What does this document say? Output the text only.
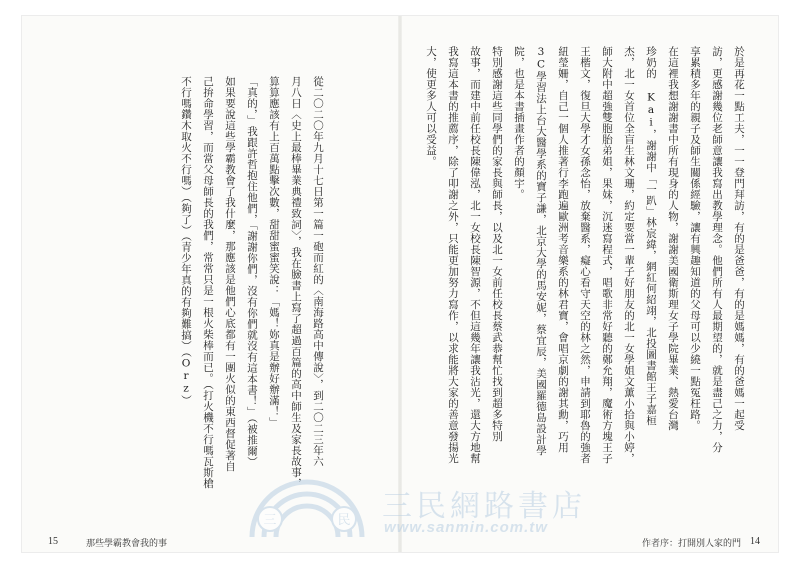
從二〇二〇年九月十七日第一篇一砲而紅的〈南海路高中傳說〉，到二〇二三年六
月八日〈史上最棒畢業典禮致詞〉，我在臉書上寫了超過百篇的高中師生及家長故事，
算算應該有上百萬點擊次數，甜甜蜜蜜笑說：「媽！妳真是辦好辦滿！」
「真的，」我跟許哲抱住他們，「謝謝你們，沒有你們就沒有這本書！」（被推爾）
如果要說這些學霸教會了我什麼，那應該是他們心底都有一團火似的東西督促著自
己拚命學習，而當父母師長的我們，常常只是一根火柴棒而已。（打火機不行嗎瓦斯槍
不行嗎鑽木取火不行嗎）（夠了）（青少年真的有夠難搞）（Orz）
15	那些學霸教會我的事
於是再花一點工夫，一一登門拜訪，有的是爸爸，有的是媽媽，有的爸媽一起受
訪，更感謝幾位老師意讓我寫出教學理念。他們所有人最期望的，就是盡己之力，分
享累積多年的親子及師生關係經驗，讓有興趣知道的父母可以少繞一點冤枉路。
在這裡我想謝謝書中所有現身的人物，謝謝美國衛斯理女子學院畢業、熱愛台灣
珍奶的 Kai，謝謝中「一趴」林宸緯，網紅何紹翊，北投圖書館王子嘉桓
杰，北一女首位全盲生林文珊，約定要當一輩子好朋友的北一女學姐文薰小拾與小婷，
師大附中超強雙胞胎弟姐，果妹，沉迷寫程式，唱歌非常好聽的鄭允翔，魔術方塊王子
王楷文，復旦大學才女孫念怡，放棄醫系，癡心看守天空的林之然，申請到耶魯的強者
紐瑩姍，自己一個人推著行李跑遍歐洲考音樂系的林君寶，會唱京劇的謝其勳，巧用
3C學習法上台大醫學系的寶子謙，北京大學的馬安妮，蔡宜辰，美國羅德島設計學
院，也是本書插畫作者的顏宇。
特別感謝這些同學們的家長與師長，以及北一女前任校長蔡武恭幫忙找到超多特別
故事，而建中前任校長陳偉泓，北一女校長陳智源，不但這幾年讓我沾光，還大方地幫
我寫這本書的推薦序，除了叩謝之外，只能更加努力寫作，以求能將大家的善意發揚光
大，使更多人可以受益。
作者序：打開別人家的門 14
三	民 三民網路書店
www.sanmin.com.tw
